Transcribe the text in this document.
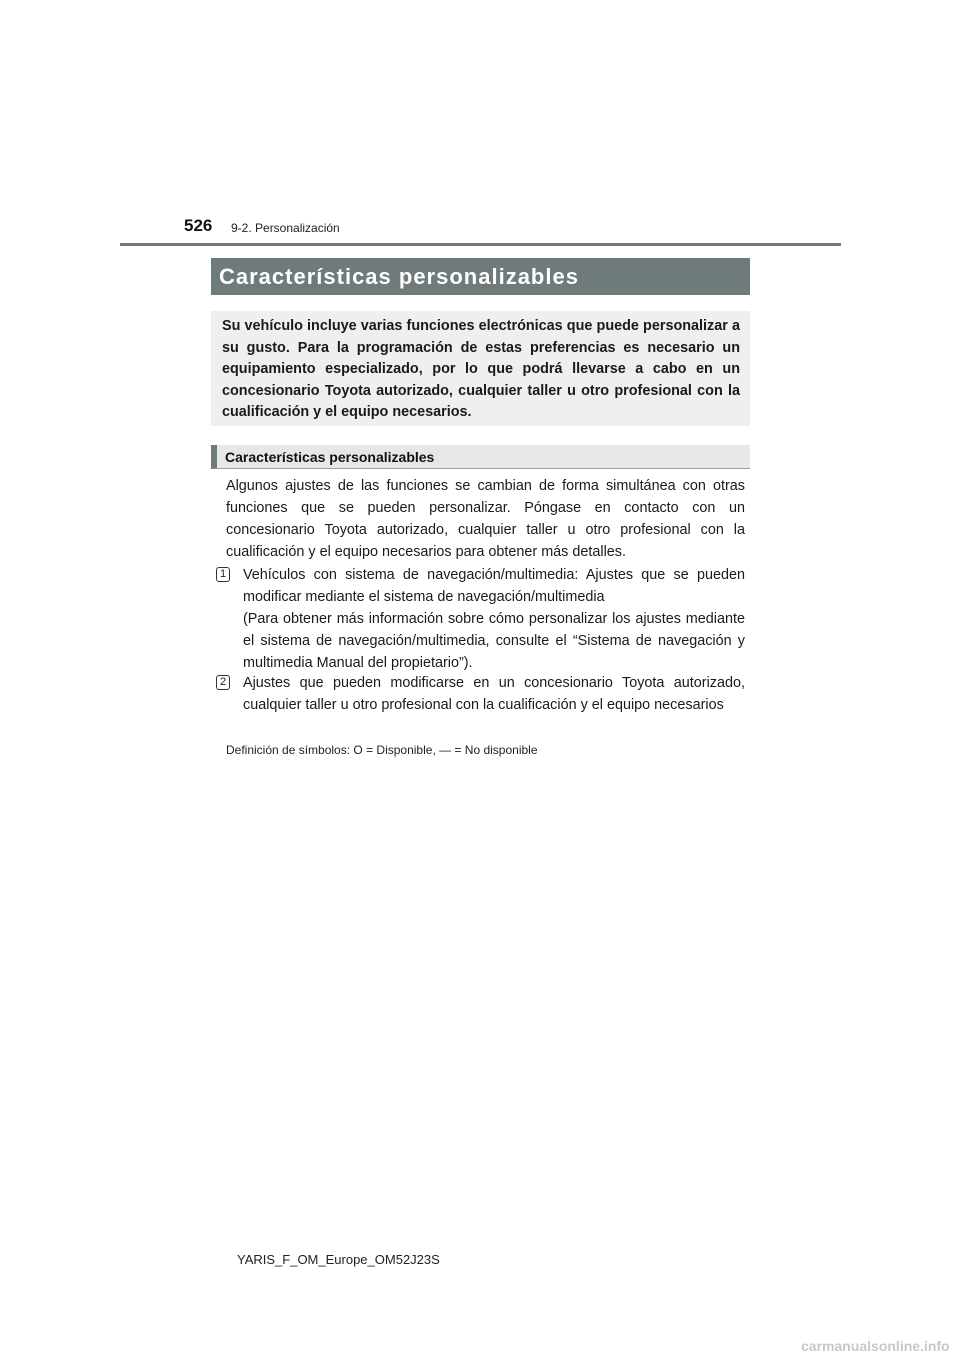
526 9-2. Personalización
Características personalizables
Su vehículo incluye varias funciones electrónicas que puede personalizar a su gusto. Para la programación de estas preferencias es necesario un equipamiento especializado, por lo que podrá llevarse a cabo en un concesionario Toyota autorizado, cualquier taller u otro profesional con la cualificación y el equipo necesarios.
Características personalizables
Algunos ajustes de las funciones se cambian de forma simultánea con otras funciones que se pueden personalizar. Póngase en contacto con un concesionario Toyota autorizado, cualquier taller u otro profesional con la cualificación y el equipo necesarios para obtener más detalles.
1 Vehículos con sistema de navegación/multimedia: Ajustes que se pueden modificar mediante el sistema de navegación/multimedia

(Para obtener más información sobre cómo personalizar los ajustes mediante el sistema de navegación/multimedia, consulte el “Sistema de navegación y multimedia Manual del propietario”).

2 Ajustes que pueden modificarse en un concesionario Toyota autorizado, cualquier taller u otro profesional con la cualificación y el equipo necesarios

Definición de símbolos: O = Disponible, — = No disponible
YARIS_F_OM_Europe_OM52J23S
carmanualsonline.info
